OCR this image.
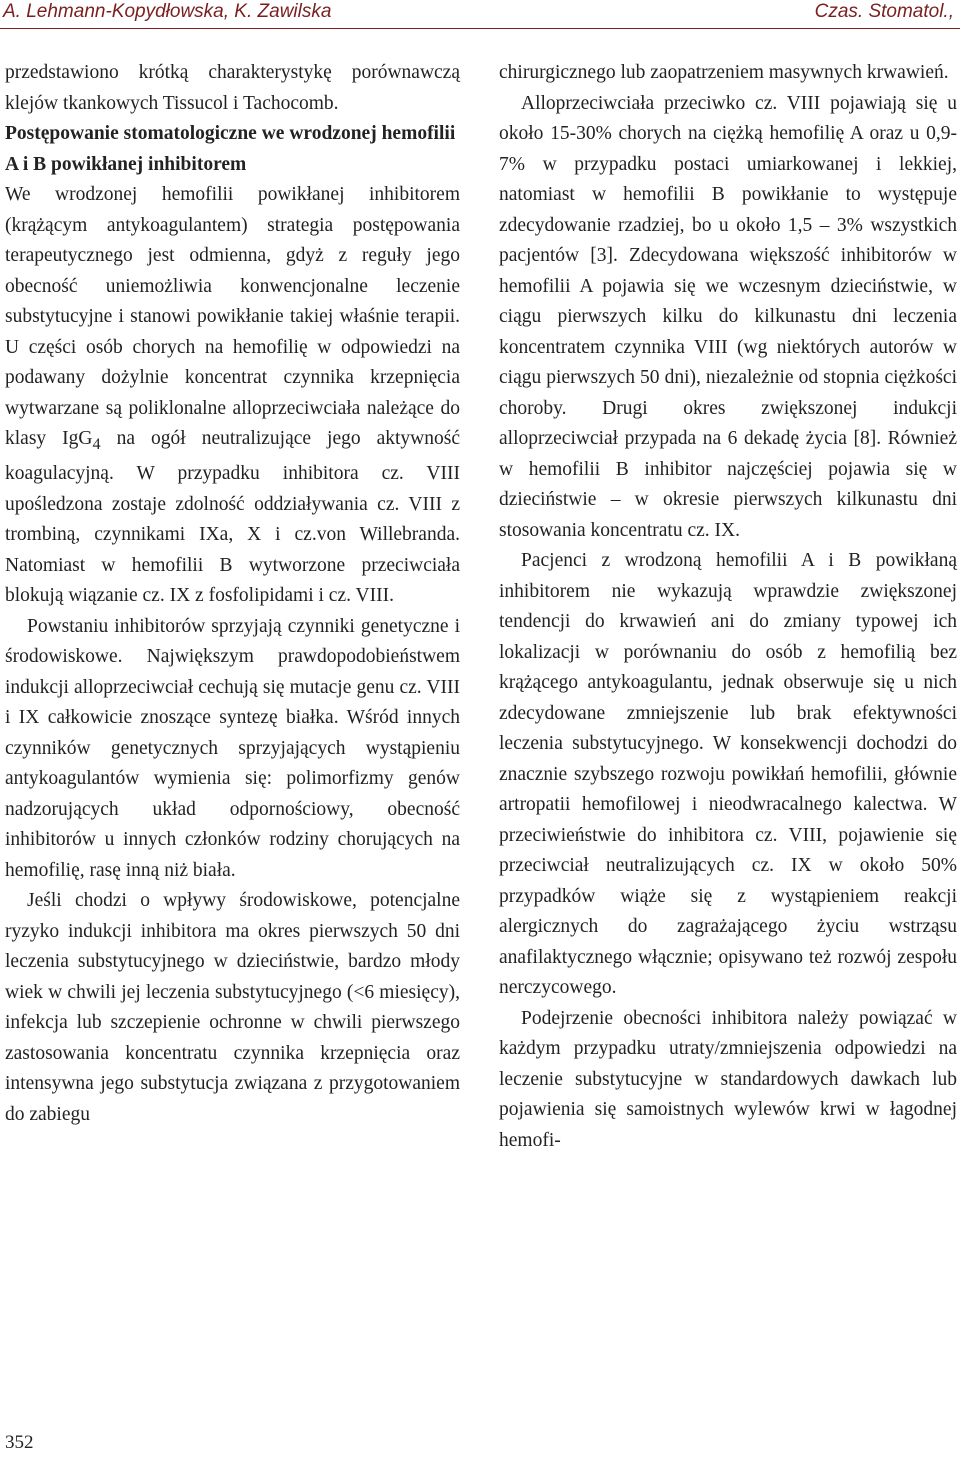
A. Lehmann-Kopydłowska, K. Zawilska	Czas. Stomatol.,

przedstawiono krótką charakterystykę porównawczą klejów tkankowych Tissucol i Tachocomb.

Postępowanie stomatologiczne we wrodzonej hemofilii A i B powikłanej inhibitorem

We wrodzonej hemofilii powikłanej inhibitorem (krążącym antykoagulantem) strategia postępowania terapeutycznego jest odmienna, gdyż z reguły jego obecność uniemożliwia konwencjonalne leczenie substytucyjne i stanowi powikłanie takiej właśnie terapii. U części osób chorych na hemofilię w odpowiedzi na podawany dożylnie koncentrat czynnika krzepnięcia wytwarzane są poliklonalne alloprzeciwciała należące do klasy IgG$_4$ na ogół neutralizujące jego aktywność koagulacyjną. W przypadku inhibitora cz. VIII upośledzona zostaje zdolność oddziaływania cz. VIII z trombiną, czynnikami IXa, X i cz.von Willebranda. Natomiast w hemofilii B wytworzone przeciwciała blokują wiązanie cz. IX z fosfolipidami i cz. VIII.

Powstaniu inhibitorów sprzyjają czynniki genetyczne i środowiskowe. Największym prawdopodobieństwem indukcji alloprzeciwciał cechują się mutacje genu cz. VIII i IX całkowicie znoszące syntezę białka. Wśród innych czynników genetycznych sprzyjających wystąpieniu antykoagulantów wymienia się: polimorfizmy genów nadzorujących układ odpornościowy, obecność inhibitorów u innych członków rodziny chorujących na hemofilię, rasę inną niż biała.

Jeśli chodzi o wpływy środowiskowe, potencjalne ryzyko indukcji inhibitora ma okres pierwszych 50 dni leczenia substytucyjnego w dzieciństwie, bardzo młody wiek w chwili jej leczenia substytucyjnego (<6 miesięcy), infekcja lub szczepienie ochronne w chwili pierwszego zastosowania koncentratu czynnika krzepnięcia oraz intensywna jego substytucja związana z przygotowaniem do zabiegu

chirurgicznego lub zaopatrzeniem masywnych krwawień.

Alloprzeciwciała przeciwko cz. VIII pojawiają się u około 15-30% chorych na ciężką hemofilię A oraz u 0,9-7% w przypadku postaci umiarkowanej i lekkiej, natomiast w hemofilii B powikłanie to występuje zdecydowanie rzadziej, bo u około 1,5 – 3% wszystkich pacjentów [3]. Zdecydowana większość inhibitorów w hemofilii A pojawia się we wczesnym dzieciństwie, w ciągu pierwszych kilku do kilkunastu dni leczenia koncentratem czynnika VIII (wg niektórych autorów w ciągu pierwszych 50 dni), niezależnie od stopnia ciężkości choroby. Drugi okres zwiększonej indukcji alloprzeciwciał przypada na 6 dekadę życia [8]. Również w hemofilii B inhibitor najczęściej pojawia się w dzieciństwie – w okresie pierwszych kilkunastu dni stosowania koncentratu cz. IX.

Pacjenci z wrodzoną hemofilii A i B powikłaną inhibitorem nie wykazują wprawdzie zwiększonej tendencji do krwawień ani do zmiany typowej ich lokalizacji w porównaniu do osób z hemofilią bez krążącego antykoagulantu, jednak obserwuje się u nich zdecydowane zmniejszenie lub brak efektywności leczenia substytucyjnego. W konsekwencji dochodzi do znacznie szybszego rozwoju powikłań hemofilii, głównie artropatii hemofilowej i nieodwracalnego kalectwa. W przeciwieństwie do inhibitora cz. VIII, pojawienie się przeciwciał neutralizujących cz. IX w około 50% przypadków wiąże się z wystąpieniem reakcji alergicznych do zagrażającego życiu wstrząsu anafilaktycznego włącznie; opisywano też rozwój zespołu nerczycowego.

Podejrzenie obecności inhibitora należy powiązać w każdym przypadku utraty/zmniejszenia odpowiedzi na leczenie substytucyjne w standardowych dawkach lub pojawienia się samoistnych wylewów krwi w łagodnej hemofi-

352
